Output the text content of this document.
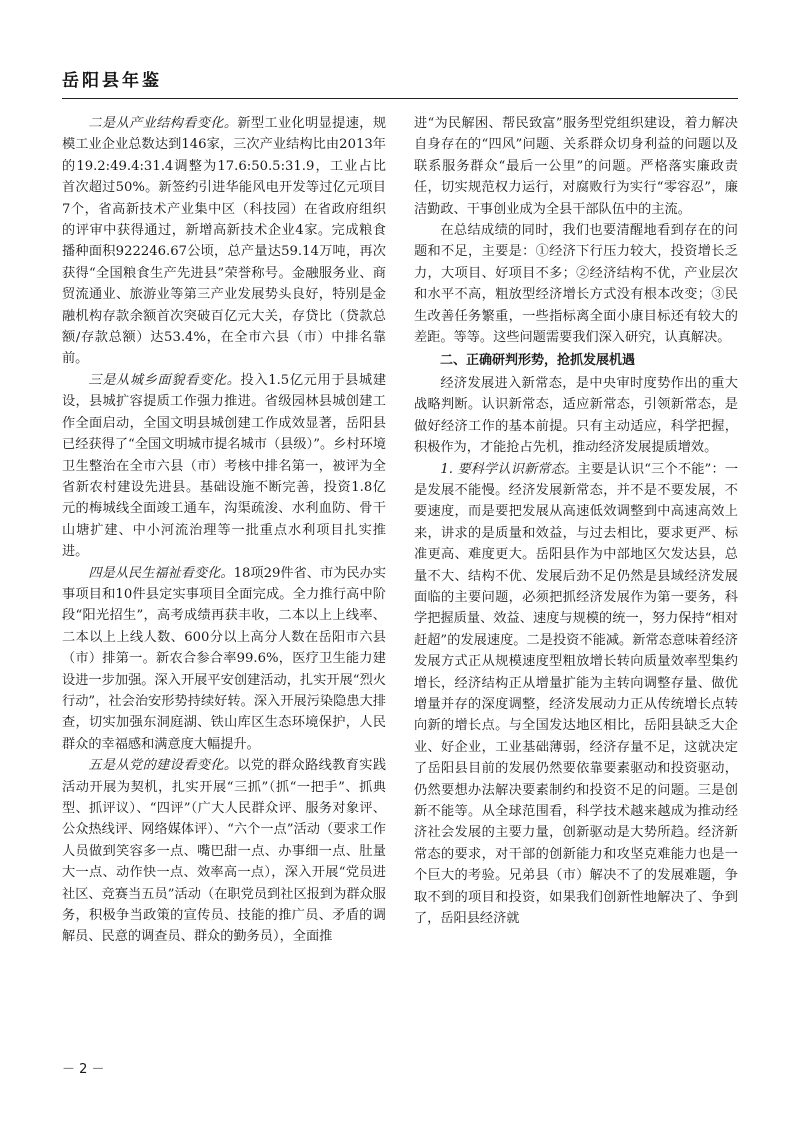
岳阳县年鉴

二是从产业结构看变化。新型工业化明显提速，规模工业企业总数达到146家，三次产业结构比由2013年的19.2:49.4:31.4调整为17.6:50.5:31.9，工业占比首次超过50%。新签约引进华能风电开发等过亿元项目7个，省高新技术产业集中区（科技园）在省政府组织的评审中获得通过，新增高新技术企业4家。完成粮食播种面积922246.67公顷，总产量达59.14万吨，再次获得“全国粮食生产先进县”荣誉称号。金融服务业、商贸流通业、旅游业等第三产业发展势头良好，特别是金融机构存款余额首次突破百亿元大关，存贷比（贷款总额/存款总额）达53.4%，在全市六县（市）中排名靠前。

三是从城乡面貌看变化。投入1.5亿元用于县城建设，县城扩容提质工作强力推进。省级园林县城创建工作全面启动，全国文明县城创建工作成效显著，岳阳县已经获得了“全国文明城市提名城市（县级）”。乡村环境卫生整治在全市六县（市）考核中排名第一，被评为全省新农村建设先进县。基础设施不断完善，投资1.8亿元的梅城线全面竣工通车，沟渠疏浚、水利血防、骨干山塘扩建、中小河流治理等一批重点水利项目扎实推进。

四是从民生福祉看变化。18项29件省、市为民办实事项目和10件县定实事项目全面完成。全力推行高中阶段“阳光招生”，高考成绩再获丰收，二本以上上线率、二本以上上线人数、600分以上高分人数在岳阳市六县（市）排第一。新农合参合率99.6%，医疗卫生能力建设进一步加强。深入开展平安创建活动，扎实开展“烈火行动”，社会治安形势持续好转。深入开展污染隐患大排查，切实加强东洞庭湖、铁山库区生态环境保护，人民群众的幸福感和满意度大幅提升。

五是从党的建设看变化。以党的群众路线教育实践活动开展为契机，扎实开展“三抓”（抓“一把手”、抓典型、抓评议）、“四评”（广大人民群众评、服务对象评、公众热线评、网络媒体评）、“六个一点”活动（要求工作人员做到笑容多一点、嘴巴甜一点、办事细一点、肚量大一点、动作快一点、效率高一点），深入开展“党员进社区、竞赛当五员”活动（在职党员到社区报到为群众服务，积极争当政策的宣传员、技能的推广员、矛盾的调解员、民意的调查员、群众的勤务员），全面推

进“为民解困、帮民致富”服务型党组织建设，着力解决自身存在的“四风”问题、关系群众切身利益的问题以及联系服务群众“最后一公里”的问题。严格落实廉政责任，切实规范权力运行，对腐败行为实行“零容忍”，廉洁勤政、干事创业成为全县干部队伍中的主流。

在总结成绩的同时，我们也要清醒地看到存在的问题和不足，主要是：①经济下行压力较大，投资增长乏力，大项目、好项目不多；②经济结构不优，产业层次和水平不高，粗放型经济增长方式没有根本改变；③民生改善任务繁重，一些指标离全面小康目标还有较大的差距。等等。这些问题需要我们深入研究，认真解决。

二、正确研判形势，抢抓发展机遇

经济发展进入新常态，是中央审时度势作出的重大战略判断。认识新常态，适应新常态，引领新常态，是做好经济工作的基本前提。只有主动适应，科学把握，积极作为，才能抢占先机，推动经济发展提质增效。

1. 要科学认识新常态。主要是认识“三个不能”：一是发展不能慢。经济发展新常态，并不是不要发展，不要速度，而是要把发展从高速低效调整到中高速高效上来，讲求的是质量和效益，与过去相比，要求更严、标准更高、难度更大。岳阳县作为中部地区欠发达县，总量不大、结构不优、发展后劲不足仍然是县域经济发展面临的主要问题，必须把抓经济发展作为第一要务，科学把握质量、效益、速度与规模的统一，努力保持“相对赶超”的发展速度。二是投资不能减。新常态意味着经济发展方式正从规模速度型粗放增长转向质量效率型集约增长，经济结构正从增量扩能为主转向调整存量、做优增量并存的深度调整，经济发展动力正从传统增长点转向新的增长点。与全国发达地区相比，岳阳县缺乏大企业、好企业，工业基础薄弱，经济存量不足，这就决定了岳阳县目前的发展仍然要依靠要素驱动和投资驱动，仍然要想办法解决要素制约和投资不足的问题。三是创新不能等。从全球范围看，科学技术越来越成为推动经济社会发展的主要力量，创新驱动是大势所趋。经济新常态的要求，对干部的创新能力和攻坚克难能力也是一个巨大的考验。兄弟县（市）解决不了的发展难题，争取不到的项目和投资，如果我们创新性地解决了、争到了，岳阳县经济就

－ 2 －
